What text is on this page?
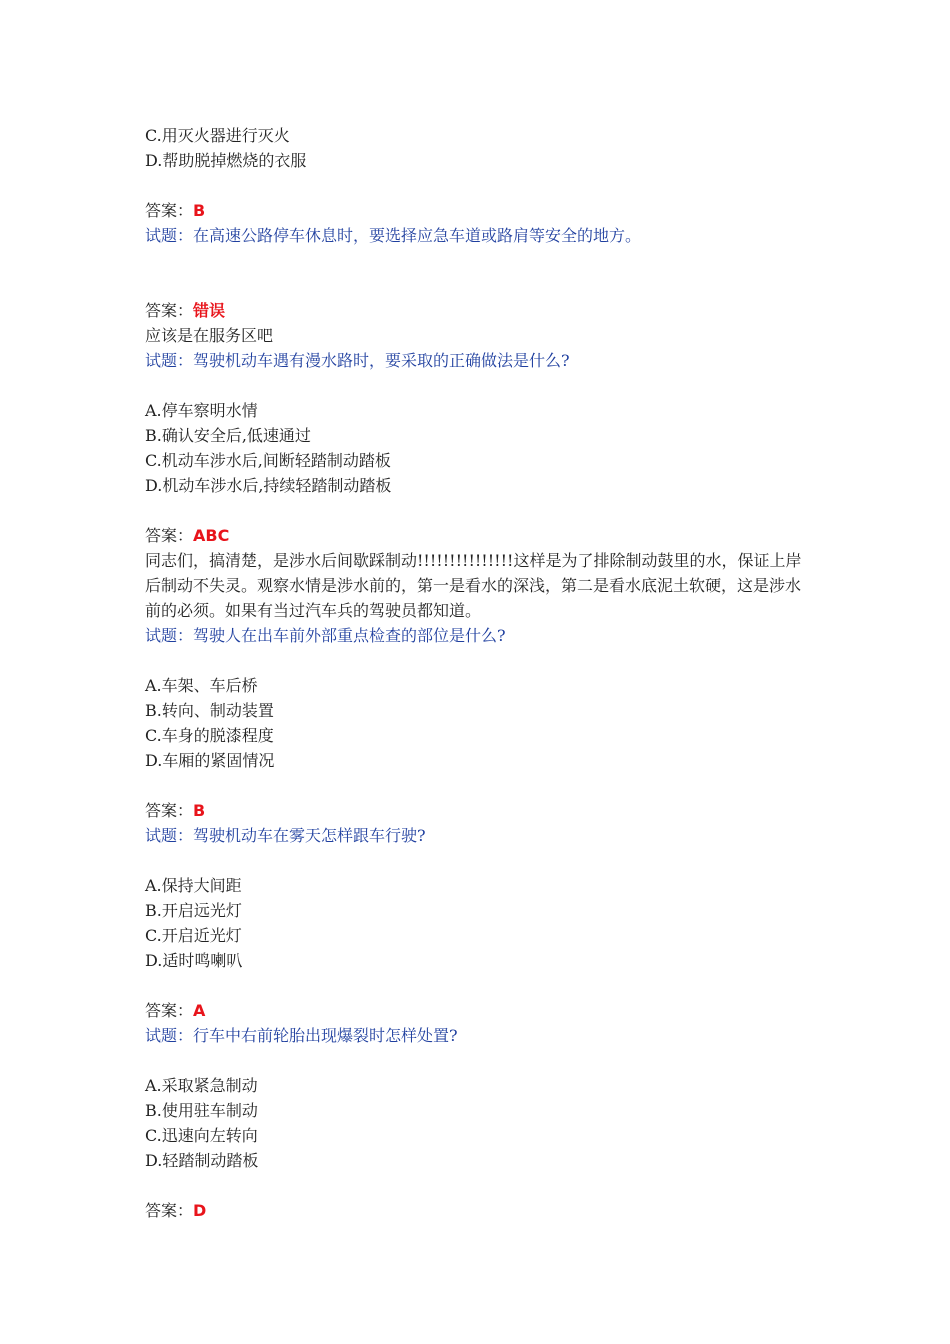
C.用灭火器进行灭火
D.帮助脱掉燃烧的衣服
答案：B
试题：在高速公路停车休息时，要选择应急车道或路肩等安全的地方。
答案：错误
应该是在服务区吧
试题：驾驶机动车遇有漫水路时，要采取的正确做法是什么?
A.停车察明水情
B.确认安全后,低速通过
C.机动车涉水后,间断轻踏制动踏板
D.机动车涉水后,持续轻踏制动踏板
答案：ABC
同志们，搞清楚，是涉水后间歇踩制动!!!!!!!!!!!!!!!这样是为了排除制动鼓里的水，保证上岸后制动不失灵。观察水情是涉水前的，第一是看水的深浅，第二是看水底泥土软硬，这是涉水前的必须。如果有当过汽车兵的驾驶员都知道。
试题：驾驶人在出车前外部重点检查的部位是什么?
A.车架、车后桥
B.转向、制动装置
C.车身的脱漆程度
D.车厢的紧固情况
答案：B
试题：驾驶机动车在雾天怎样跟车行驶?
A.保持大间距
B.开启远光灯
C.开启近光灯
D.适时鸣喇叭
答案：A
试题：行车中右前轮胎出现爆裂时怎样处置?
A.采取紧急制动
B.使用驻车制动
C.迅速向左转向
D.轻踏制动踏板
答案：D
